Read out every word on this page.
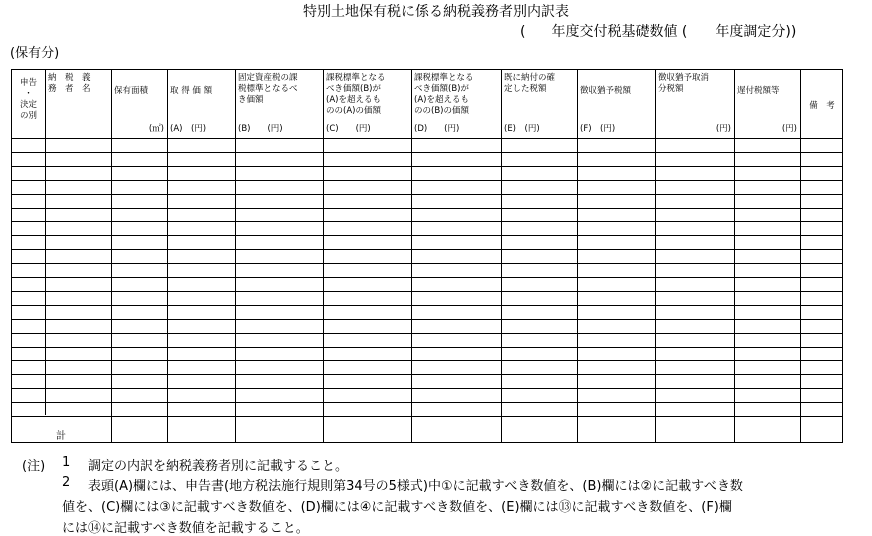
特別土地保有税に係る納税義務者別内訳表
( 年度交付税基礎数値 ( 年度調定分))
(保有分)
申告
・
決定
の別
納　税　義
務　者　名	保有面積
(㎡)
取 得 価 額
(A)　(円)
固定資産税の課
税標準となるべ
き価額
(B)　　(円)
課税標準となる
べき価額(B)が
(A)を超えるも
のの(A)の価額
(C)　　(円)
課税標準となる
べき価額(B)が
(A)を超えるも
のの(B)の価額
(D)　　(円)
既に納付の確
定した税額
(E)　(円)
徴収猶予税額
(F)　(円)
徴収猶予取消
分税額
(円)
遅付税額等
(円)
備　考
計
(注) 1 調定の内訳を納税義務者別に記載すること。
2 表頭(A)欄には、申告書(地方税法施行規則第34号の5様式)中①に記載すべき数値を、(B)欄には②に記載すべき数
値を、(C)欄には③に記載すべき数値を、(D)欄には④に記載すべき数値を、(E)欄には⑬に記載すべき数値を、(F)欄
には⑭に記載すべき数値を記載すること。
